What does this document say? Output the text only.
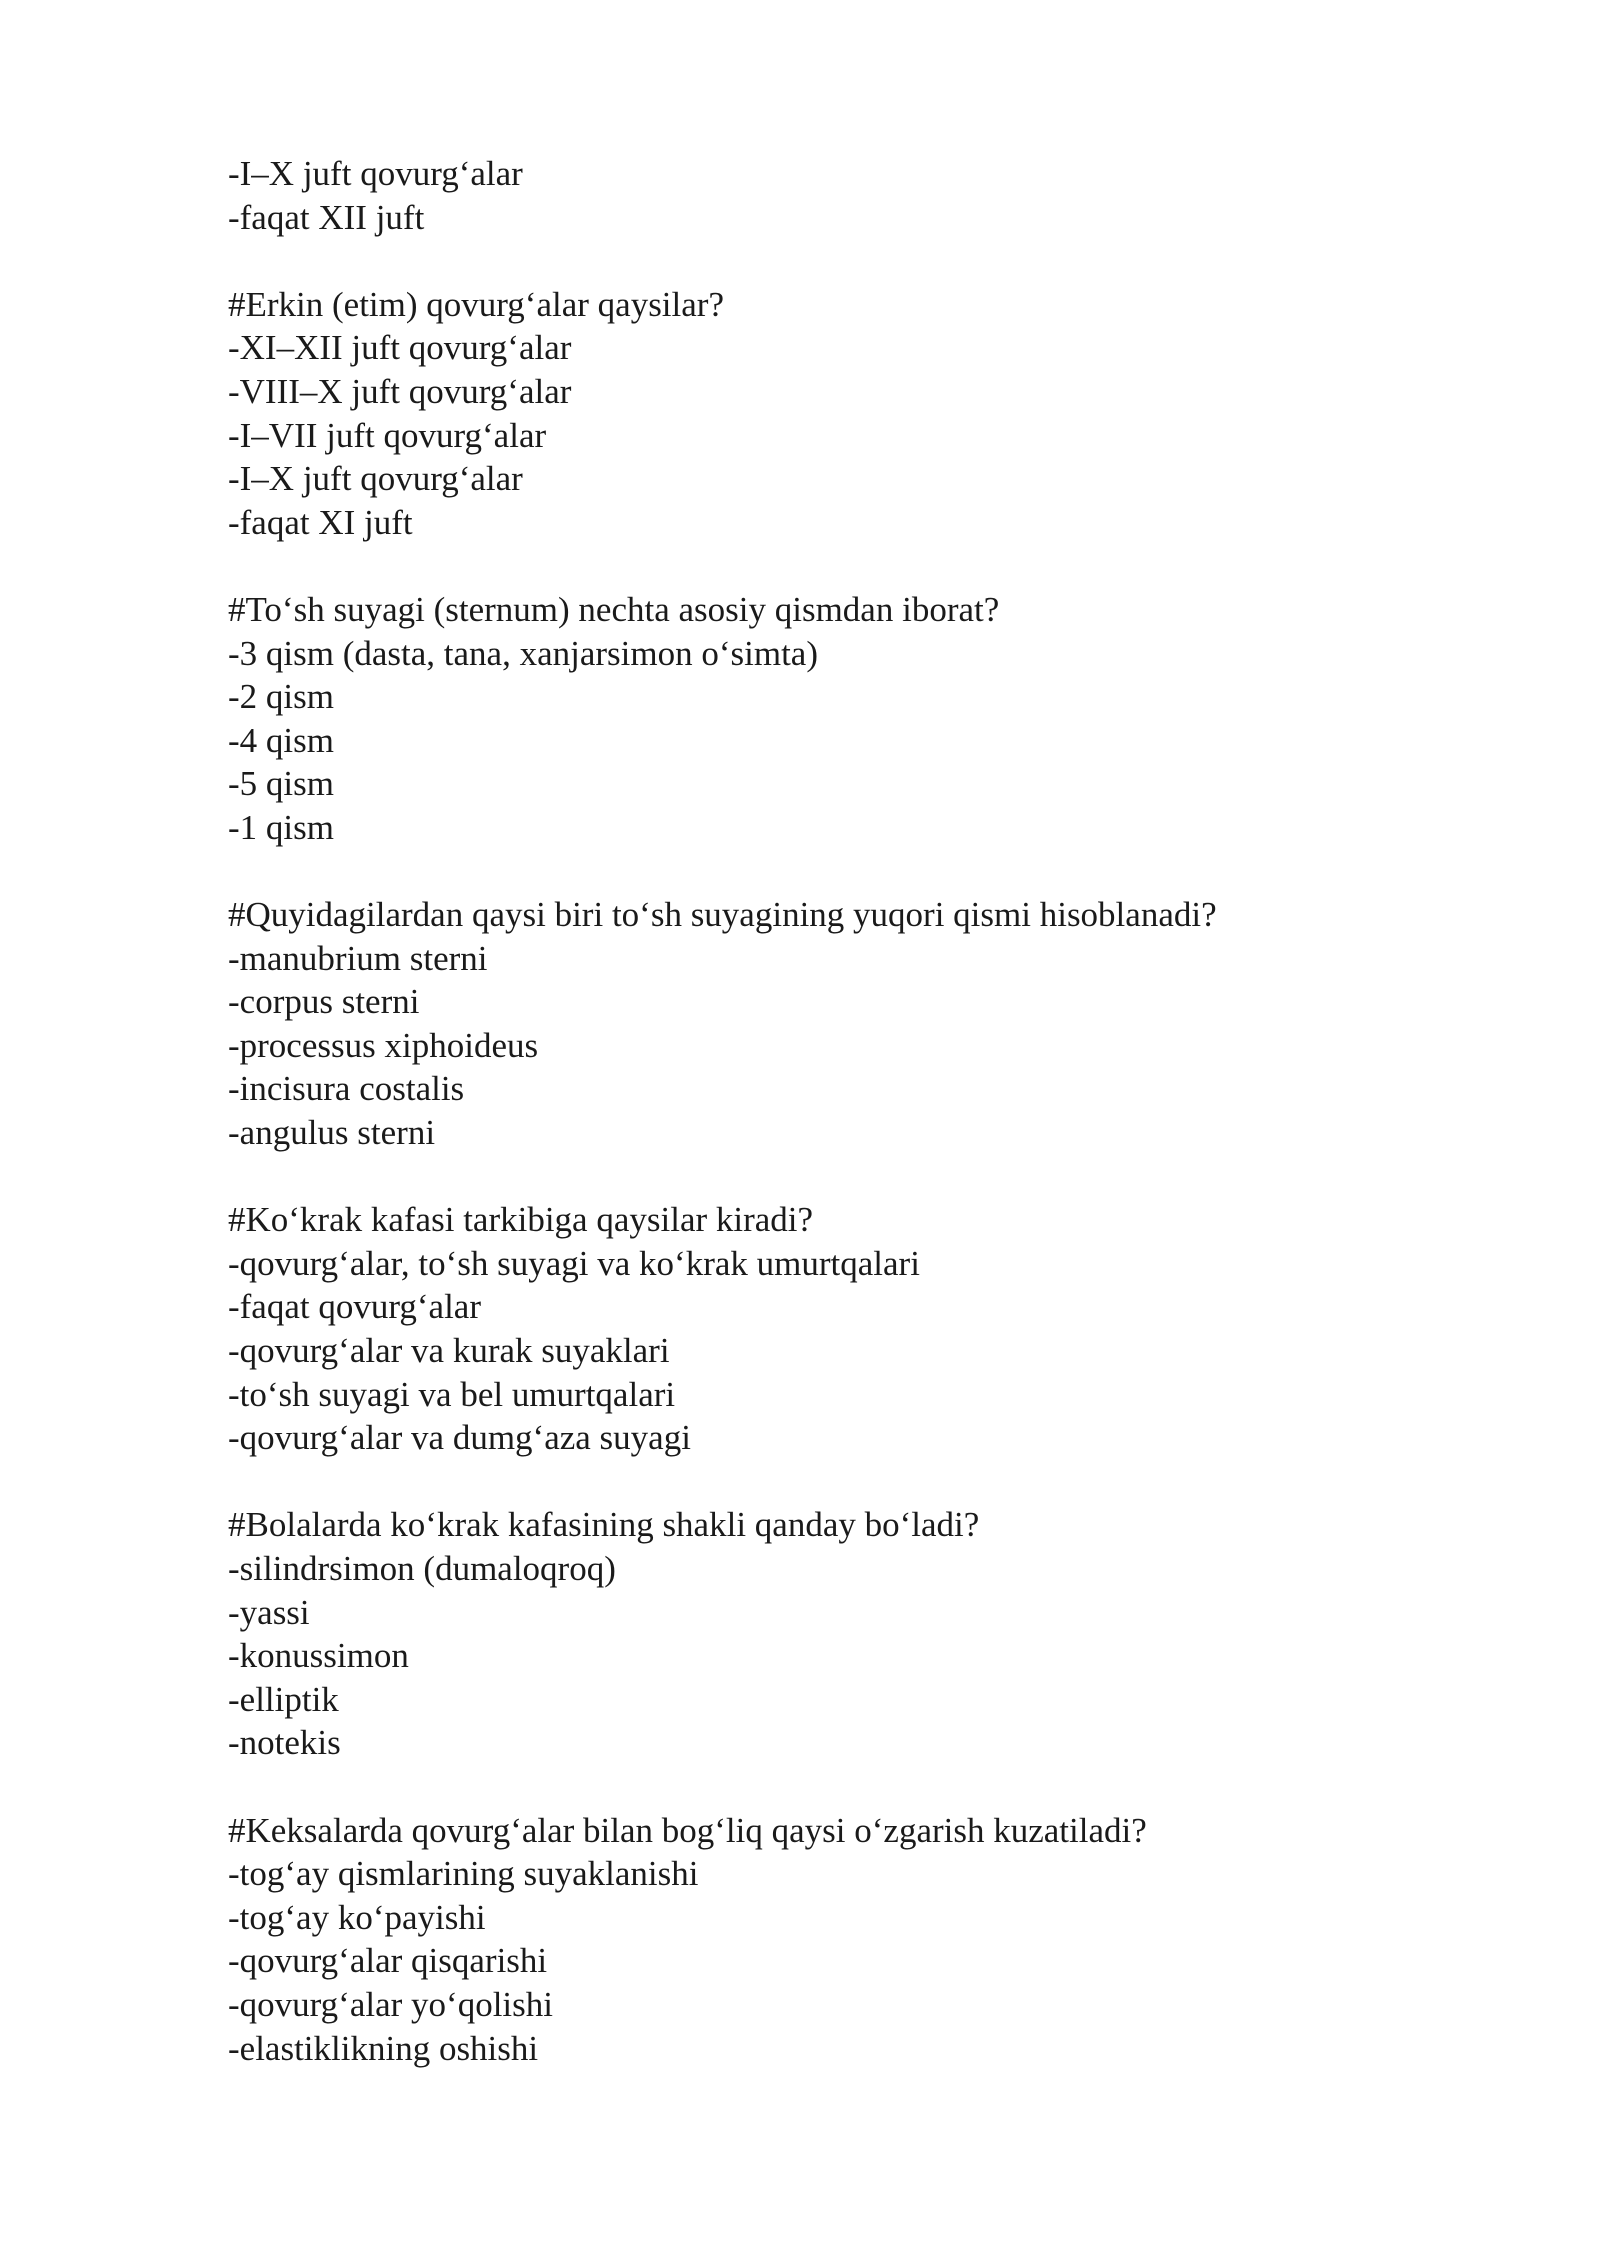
-I–X juft qovurg‘alar

-faqat XII juft

#Erkin (etim) qovurg‘alar qaysilar?

-XI–XII juft qovurg‘alar

-VIII–X juft qovurg‘alar

-I–VII juft qovurg‘alar

-I–X juft qovurg‘alar

-faqat XI juft

#To‘sh suyagi (sternum) nechta asosiy qismdan iborat?

-3 qism (dasta, tana, xanjarsimon o‘simta)

-2 qism

-4 qism

-5 qism

-1 qism

#Quyidagilardan qaysi biri to‘sh suyagining yuqori qismi hisoblanadi?

-manubrium sterni

-corpus sterni

-processus xiphoideus

-incisura costalis

-angulus sterni

#Ko‘krak kafasi tarkibiga qaysilar kiradi?

-qovurg‘alar, to‘sh suyagi va ko‘krak umurtqalari

-faqat qovurg‘alar

-qovurg‘alar va kurak suyaklari

-to‘sh suyagi va bel umurtqalari

-qovurg‘alar va dumg‘aza suyagi

#Bolalarda ko‘krak kafasining shakli qanday bo‘ladi?

-silindrsimon (dumaloqroq)

-yassi

-konussimon

-elliptik

-notekis

#Keksalarda qovurg‘alar bilan bog‘liq qaysi o‘zgarish kuzatiladi?

-tog‘ay qismlarining suyaklanishi

-tog‘ay ko‘payishi

-qovurg‘alar qisqarishi

-qovurg‘alar yo‘qolishi

-elastiklikning oshishi
